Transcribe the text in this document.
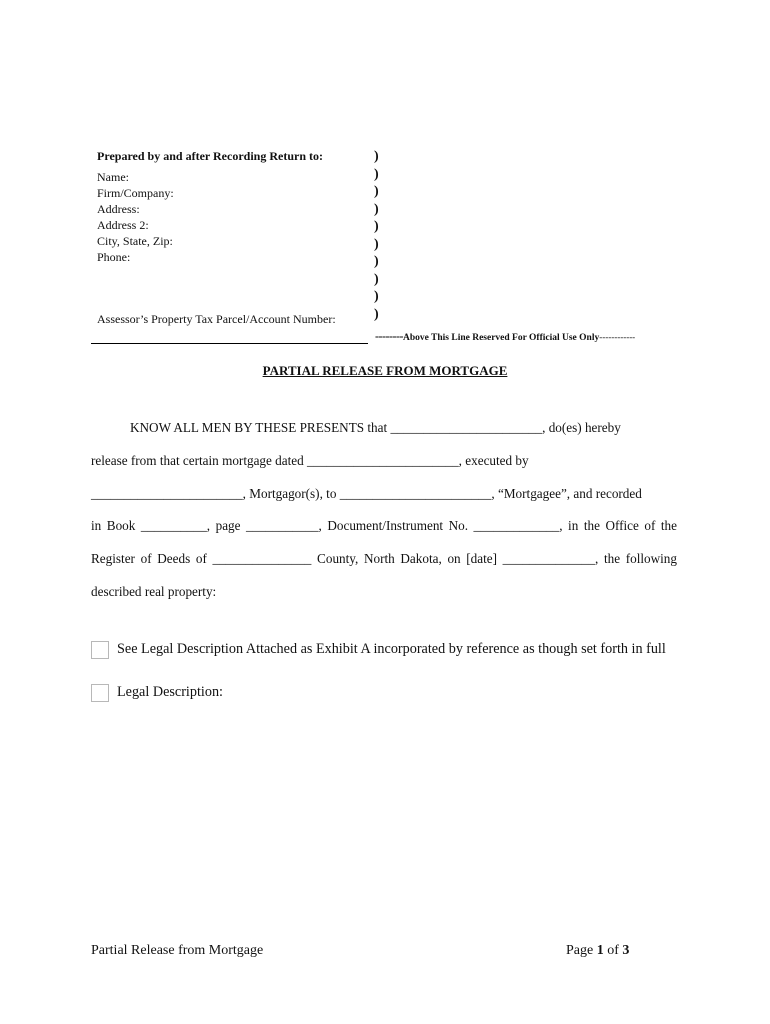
Prepared by and after Recording Return to:
Name:
Firm/Company:
Address:
Address 2:
City, State, Zip:
Phone:
)
)
)
)
)
)
)
)
)
)
Assessor’s Property Tax Parcel/Account Number:
--------Above This Line Reserved For Official Use Only------------
PARTIAL RELEASE FROM MORTGAGE
KNOW ALL MEN BY THESE PRESENTS that _______________________, do(es) hereby
release from that certain mortgage dated _______________________, executed by
_______________________, Mortgagor(s), to _______________________, “Mortgagee”, and recorded
in Book __________, page ___________, Document/Instrument No. _____________, in the Office of the
Register of Deeds of _______________ County, North Dakota, on [date] ______________, the following
described real property:
See Legal Description Attached as Exhibit A incorporated by reference as though set forth in full
Legal Description:
Partial Release from Mortgage	Page 1 of 3
